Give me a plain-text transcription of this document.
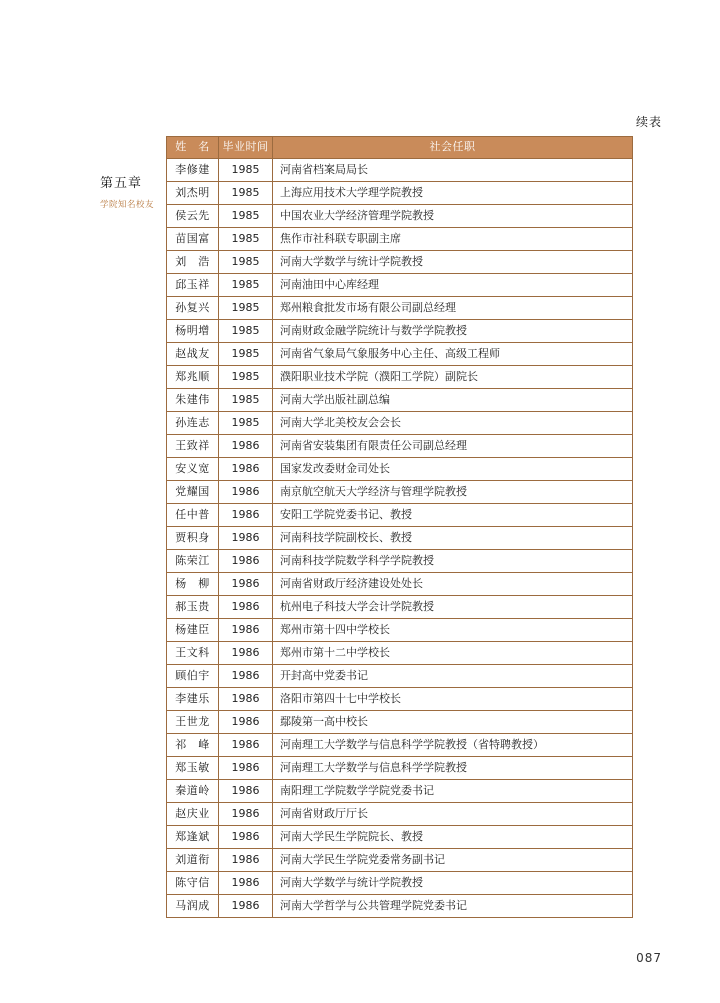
续表
第五章
学院知名校友
姓　名	毕业时间	社会任职
李修建	1985	河南省档案局局长
刘杰明	1985	上海应用技术大学理学院教授
侯云先	1985	中国农业大学经济管理学院教授
苗国富	1985	焦作市社科联专职副主席
刘　浩	1985	河南大学数学与统计学院教授
邱玉祥	1985	河南油田中心库经理
孙复兴	1985	郑州粮食批发市场有限公司副总经理
杨明增	1985	河南财政金融学院统计与数学学院教授
赵战友	1985	河南省气象局气象服务中心主任、高级工程师
郑兆顺	1985	濮阳职业技术学院（濮阳工学院）副院长
朱建伟	1985	河南大学出版社副总编
孙连志	1985	河南大学北美校友会会长
王致祥	1986	河南省安装集团有限责任公司副总经理
安义宽	1986	国家发改委财金司处长
党耀国	1986	南京航空航天大学经济与管理学院教授
任中普	1986	安阳工学院党委书记、教授
贾积身	1986	河南科技学院副校长、教授
陈荣江	1986	河南科技学院数学科学学院教授
杨　柳	1986	河南省财政厅经济建设处处长
郝玉贵	1986	杭州电子科技大学会计学院教授
杨建臣	1986	郑州市第十四中学校长
王文科	1986	郑州市第十二中学校长
顾伯宇	1986	开封高中党委书记
李建乐	1986	洛阳市第四十七中学校长
王世龙	1986	鄢陵第一高中校长
祁　峰	1986	河南理工大学数学与信息科学学院教授（省特聘教授）
郑玉敏	1986	河南理工大学数学与信息科学学院教授
秦道岭	1986	南阳理工学院数学学院党委书记
赵庆业	1986	河南省财政厅厅长
郑逢斌	1986	河南大学民生学院院长、教授
刘道衔	1986	河南大学民生学院党委常务副书记
陈守信	1986	河南大学数学与统计学院教授
马润成	1986	河南大学哲学与公共管理学院党委书记
087
